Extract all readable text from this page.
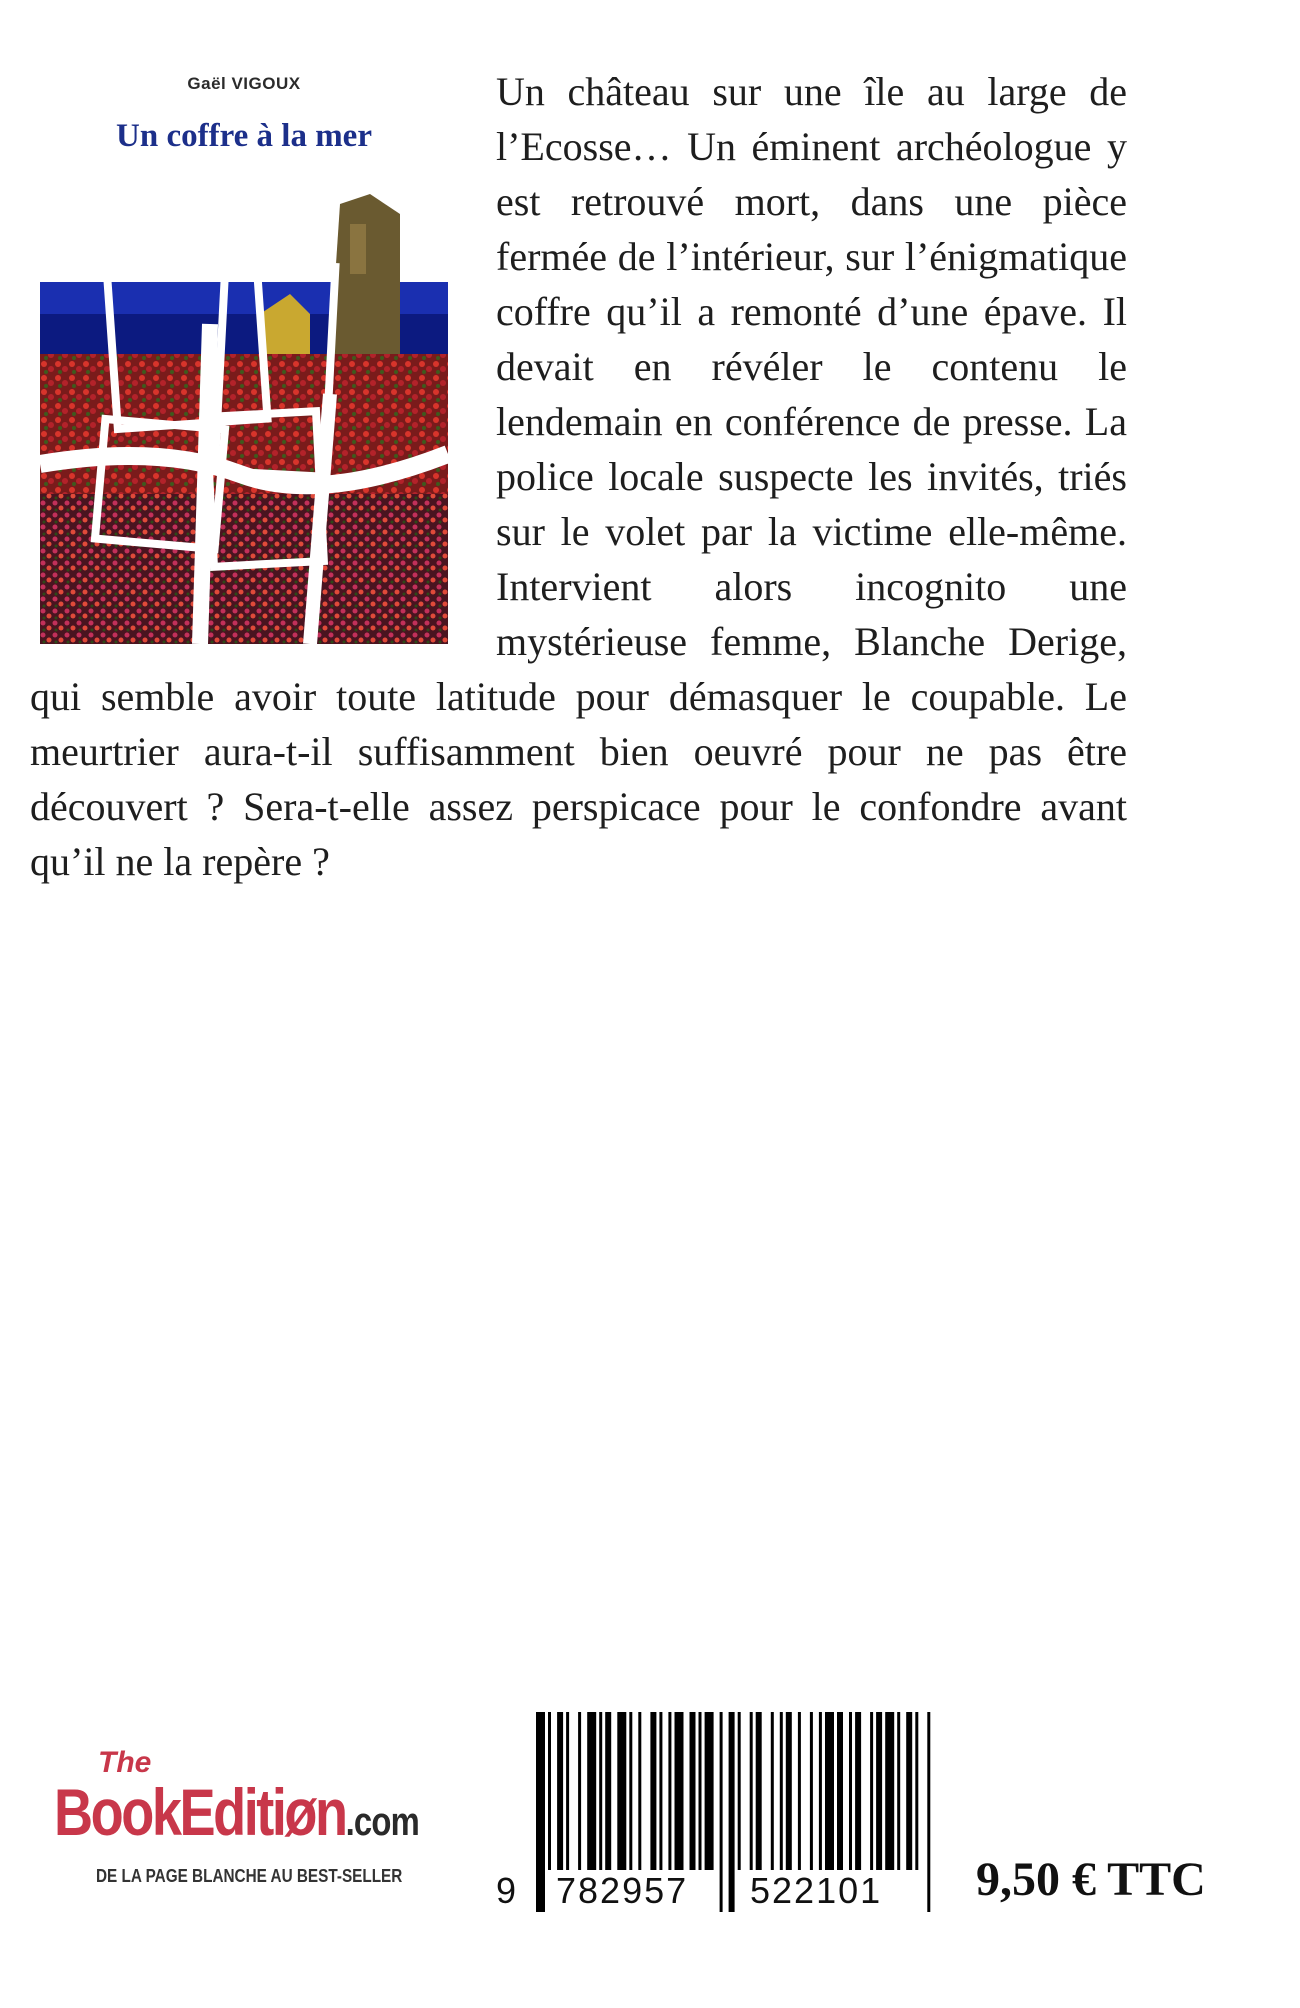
Gaël VIGOUX
Un coffre à la mer
Un château sur une île au large de l’Ecosse… Un éminent archéologue y est retrouvé mort, dans une pièce fermée de l’intérieur, sur l’énigmatique coffre qu’il a remonté d’une épave. Il devait en révéler le contenu le lendemain en conférence de presse. La police locale suspecte les invités, triés sur le volet par la victime elle-même. Intervient alors incognito une mystérieuse femme, Blanche Derige, qui semble avoir toute latitude pour démasquer le coupable. Le meurtrier aura-t-il suffisamment bien oeuvré pour ne pas être découvert ? Sera-t-elle assez perspicace pour le confondre avant qu’il ne la repère ?
The
BookEditiøn.com
DE LA PAGE BLANCHE AU BEST-SELLER	9 782957 522101 9,50 € TTC
